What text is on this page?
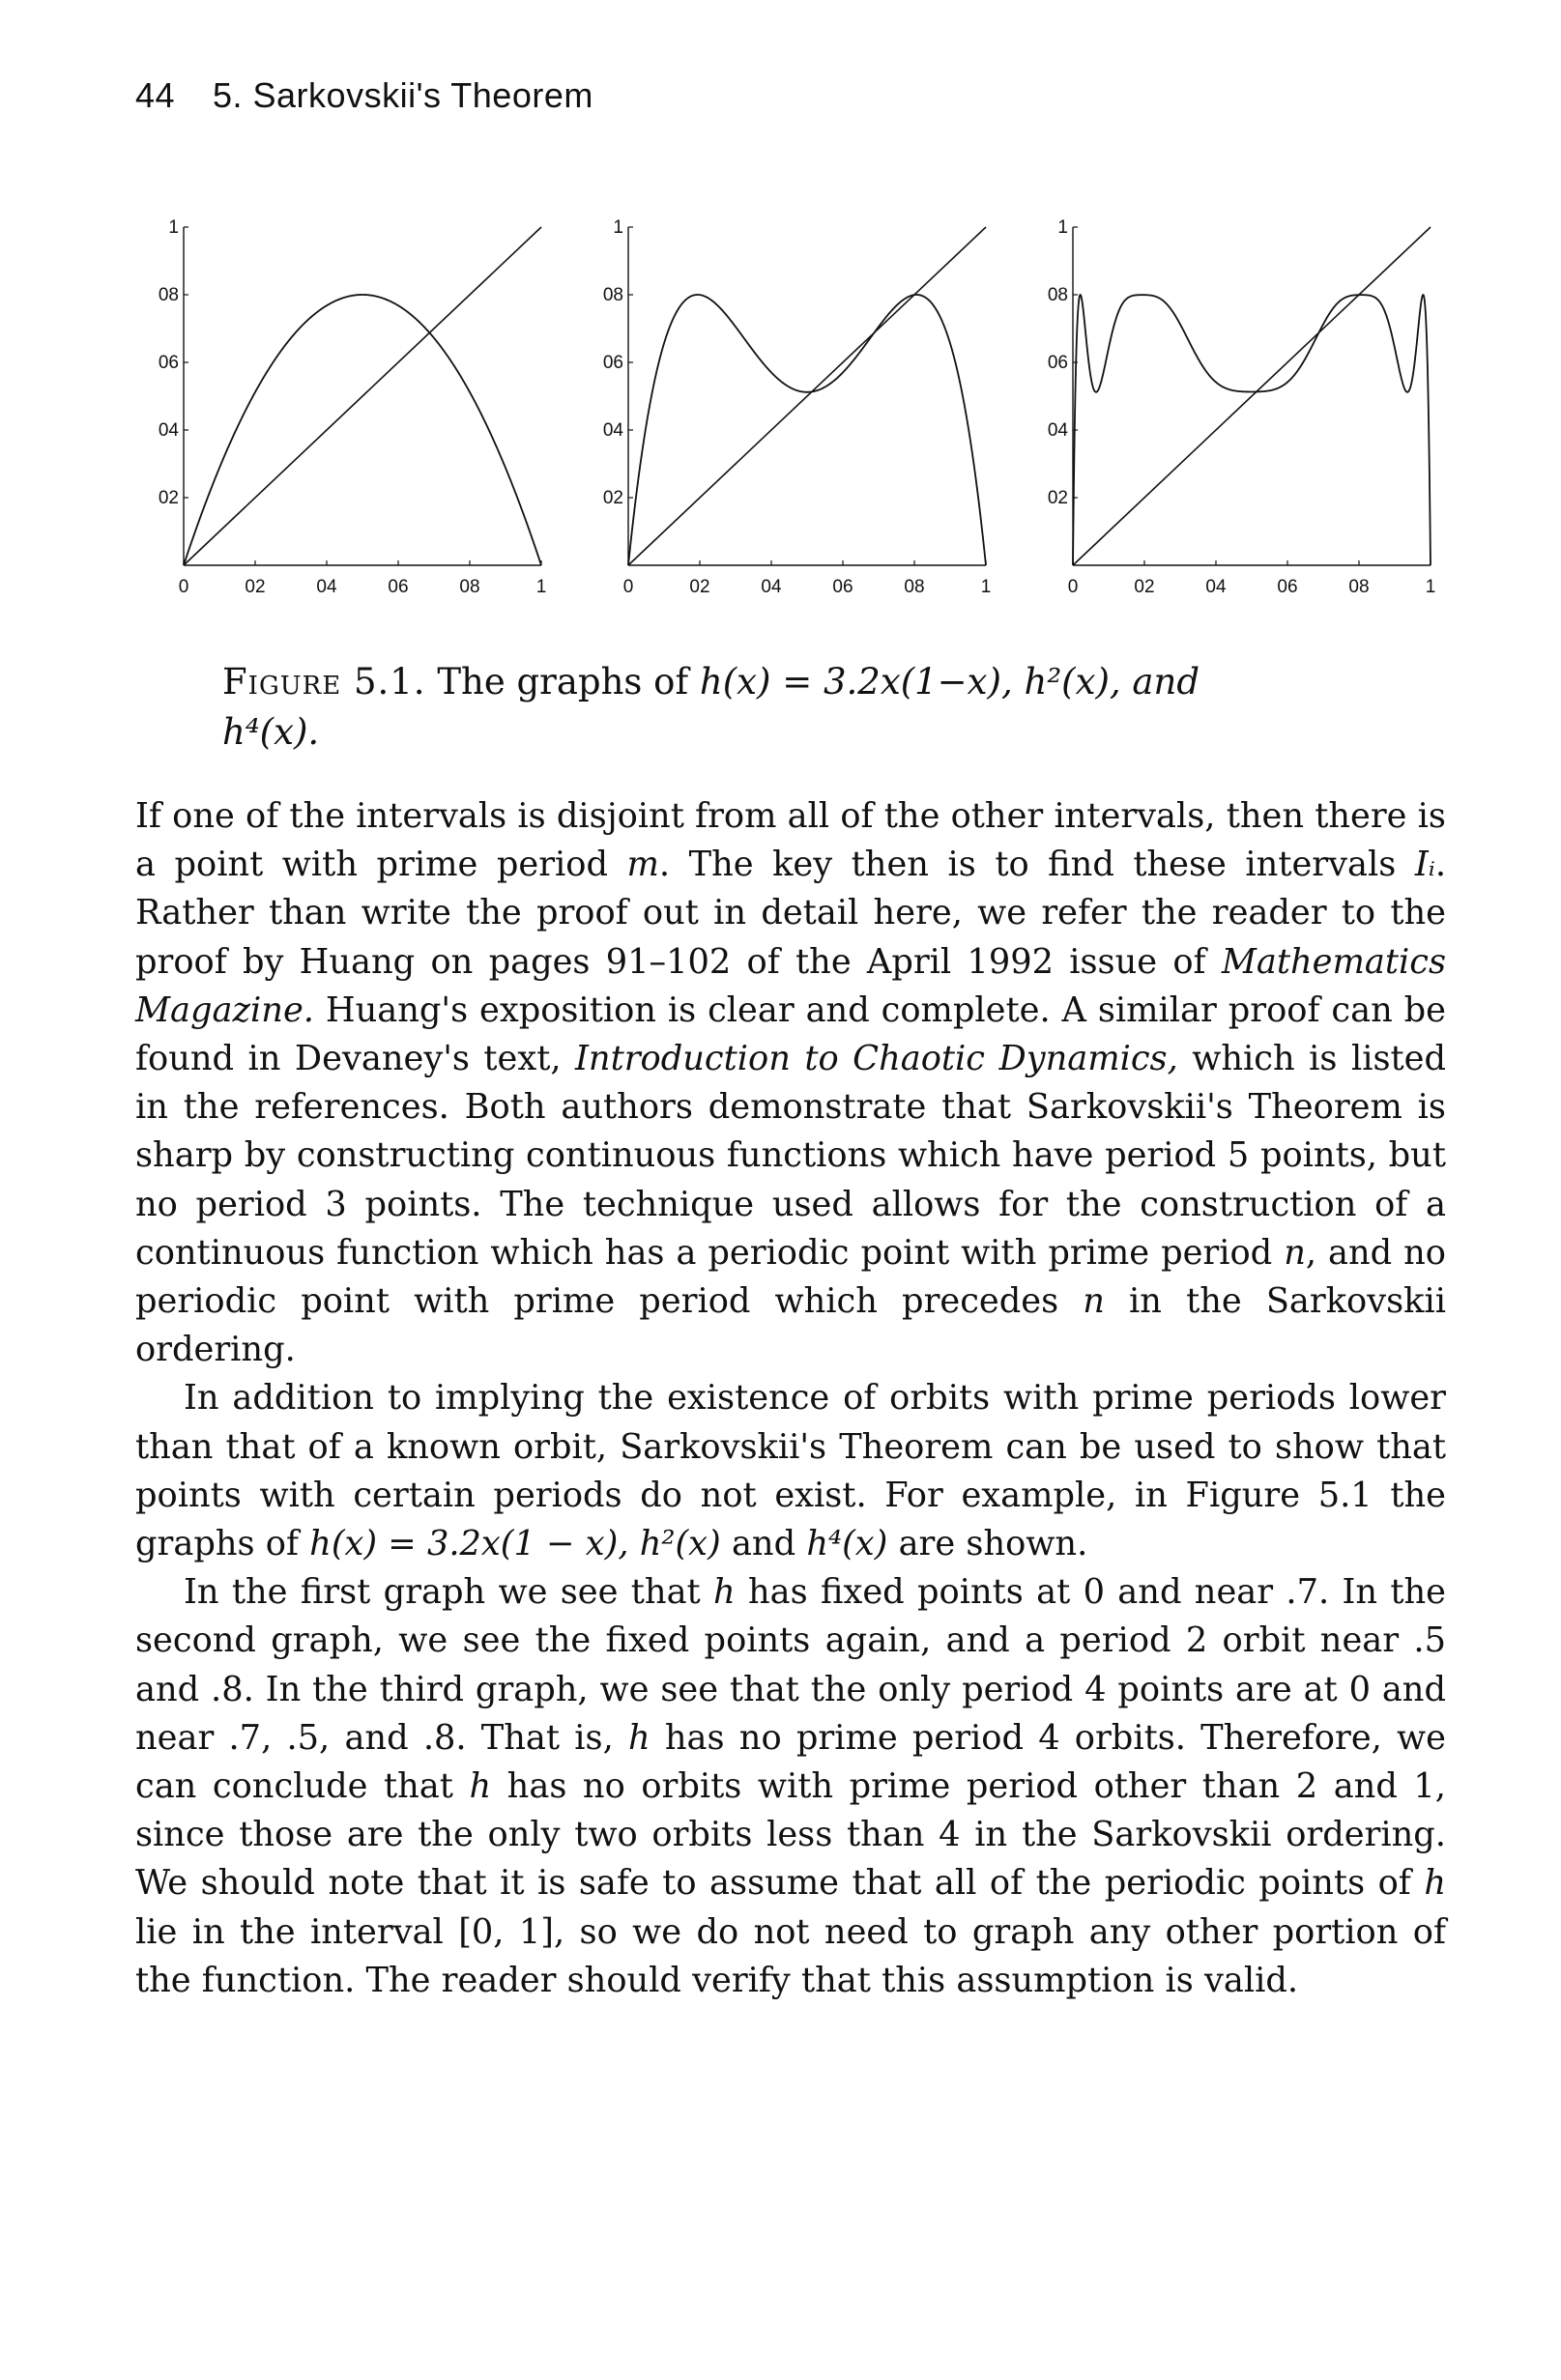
44 5. Sarkovskii's Theorem
02
04
06
08
1
0	02	04	06	08	1
02
04
06
08
1
0	02	04	06	08	1
02
04
06
08
1
0	02	04	06	08	1
Figure 5.1. The graphs of h(x) = 3.2x(1−x), h²(x), and
h⁴(x).

If one of the intervals is disjoint from all of the other intervals, then there is a point with prime period m. The key then is to find these intervals Iᵢ. Rather than write the proof out in detail here, we refer the reader to the proof by Huang on pages 91–102 of the April 1992 issue of Mathematics Magazine. Huang's exposition is clear and complete. A similar proof can be found in Devaney's text, Introduction to Chaotic Dynamics, which is listed in the references. Both authors demonstrate that Sarkovskii's Theorem is sharp by constructing continuous functions which have period 5 points, but no period 3 points. The technique used allows for the construction of a continuous function which has a periodic point with prime period n, and no periodic point with prime period which precedes n in the Sarkovskii ordering.

In addition to implying the existence of orbits with prime periods lower than that of a known orbit, Sarkovskii's Theorem can be used to show that points with certain periods do not exist. For example, in Figure 5.1 the graphs of h(x) = 3.2x(1 − x), h²(x) and h⁴(x) are shown.

In the first graph we see that h has fixed points at 0 and near .7. In the second graph, we see the fixed points again, and a period 2 orbit near .5 and .8. In the third graph, we see that the only period 4 points are at 0 and near .7, .5, and .8. That is, h has no prime period 4 orbits. Therefore, we can conclude that h has no orbits with prime period other than 2 and 1, since those are the only two orbits less than 4 in the Sarkovskii ordering. We should note that it is safe to assume that all of the periodic points of h lie in the interval [0, 1], so we do not need to graph any other portion of the function. The reader should verify that this assumption is valid.
